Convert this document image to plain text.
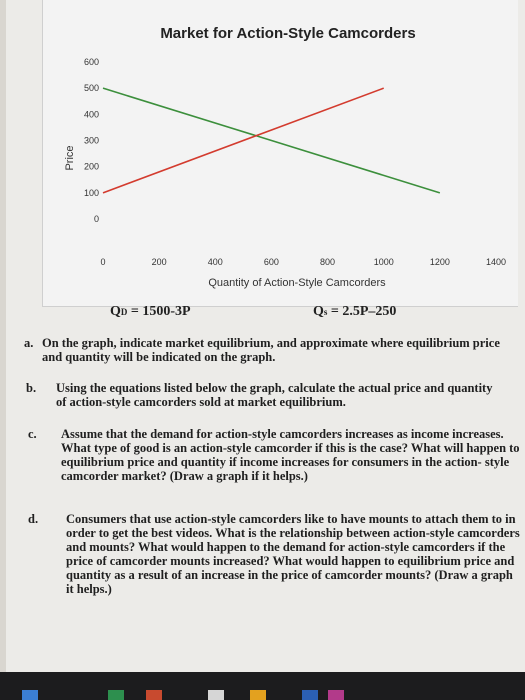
Market for Action-Style Camcorders
Price
Quantity of Action-Style Camcorders
0
100
200
300
400
500
600
0	200	400	600	800	1000	1200	1400
QD = 1500-3P	Qs = 2.5P–250
a. On the graph, indicate market equilibrium, and approximate where equilibrium price and quantity will be indicated on the graph.
b. Using the equations listed below the graph, calculate the actual price and quantity of action-style camcorders sold at market equilibrium.
c. Assume that the demand for action-style camcorders increases as income increases. What type of good is an action-style camcorder if this is the case? What will happen to equilibrium price and quantity if income increases for consumers in the action- style camcorder market? (Draw a graph if it helps.)
d. Consumers that use action-style camcorders like to have mounts to attach them to in order to get the best videos. What is the relationship between action-style camcorders and mounts? What would happen to the demand for action-style camcorders if the price of camcorder mounts increased? What would happen to equilibrium price and quantity as a result of an increase in the price of camcorder mounts? (Draw a graph it helps.)
